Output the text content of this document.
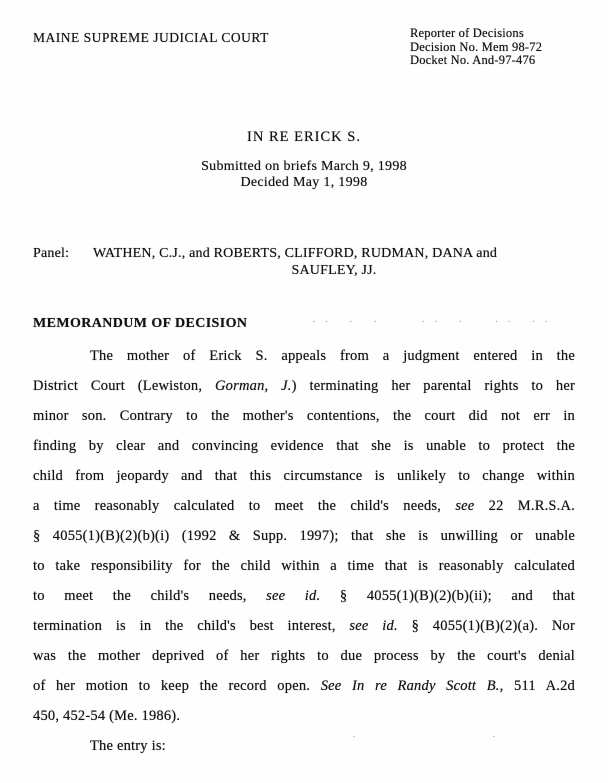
MAINE SUPREME JUDICIAL COURT	Reporter of Decisions
Decision No. Mem 98-72
Docket No. And-97-476
IN RE ERICK S.
Submitted on briefs March 9, 1998
Decided May 1, 1998
Panel:	WATHEN, C.J., and ROBERTS, CLIFFORD, RUDMAN, DANA and
SAUFLEY, JJ.
MEMORANDUM OF DECISION
The mother of Erick S. appeals from a judgment entered in the
District Court (Lewiston, Gorman, J.) terminating her parental rights to her
minor son. Contrary to the mother's contentions, the court did not err in
finding by clear and convincing evidence that she is unable to protect the
child from jeopardy and that this circumstance is unlikely to change within
a time reasonably calculated to meet the child's needs, see 22 M.R.S.A.
§ 4055(1)(B)(2)(b)(i) (1992 & Supp. 1997); that she is unwilling or unable
to take responsibility for the child within a time that is reasonably calculated
to meet the child's needs, see id. § 4055(1)(B)(2)(b)(ii); and that
termination is in the child's best interest, see id. § 4055(1)(B)(2)(a). Nor
was the mother deprived of her rights to due process by the court's denial
of her motion to keep the record open. See In re Randy Scott B., 511 A.2d
450, 452-54 (Me. 1986).
The entry is:
·· · ·   ·· ·  ·· ··
·	·
